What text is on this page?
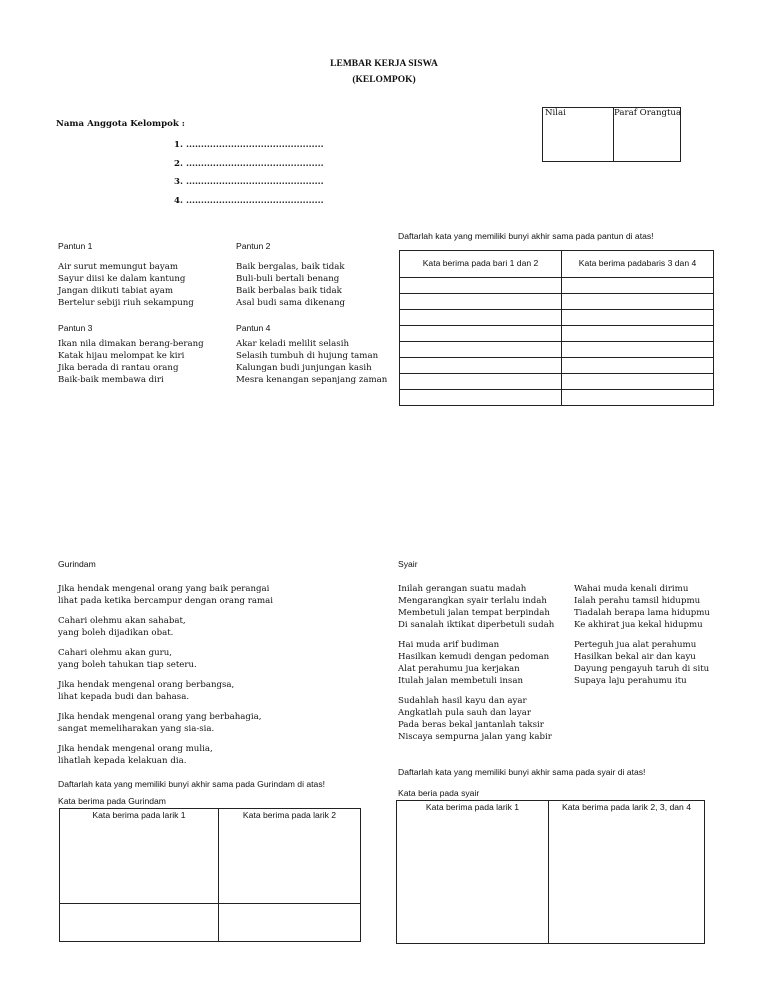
LEMBAR KERJA SISWA
(KELOMPOK)
Nama Anggota Kelompok :
1. ..............................................
2. ..............................................
3. ..............................................
4. ..............................................
Nilai	Paraf Orangtua
Pantun 1
Air surut memungut bayam
Sayur diisi ke dalam kantung
Jangan diikuti tabiat ayam
Bertelur sebiji riuh sekampung
Pantun 2
Baik bergalas, baik tidak
Buli-buli bertali benang
Baik berbalas baik tidak
Asal budi sama dikenang
Pantun 3
Ikan nila dimakan berang-berang
Katak hijau melompat ke kiri
Jika berada di rantau orang
Baik-baik membawa diri
Pantun 4
Akar keladi melilit selasih
Selasih tumbuh di hujung taman
Kalungan budi junjungan kasih
Mesra kenangan sepanjang zaman
Daftarlah kata yang memiliki bunyi akhir sama pada pantun di atas!
Kata berima pada bari 1 dan 2	Kata berima padabaris 3 dan 4

Gurindam
Jika hendak mengenal orang yang baik perangai
lihat pada ketika bercampur dengan orang ramai
Cahari olehmu akan sahabat,
yang boleh dijadikan obat.
Cahari olehmu akan guru,
yang boleh tahukan tiap seteru.
Jika hendak mengenal orang berbangsa,
lihat kepada budi dan bahasa.
Jika hendak mengenal orang yang berbahagia,
sangat memeliharakan yang sia-sia.
Jika hendak mengenal orang mulia,
lihatlah kepada kelakuan dia.
Daftarlah kata yang memiliki bunyi akhir sama pada Gurindam di atas!
Kata berima pada Gurindam
Kata berima pada larik 1	Kata berima pada larik 2

Syair
Inilah gerangan suatu madah
Mengarangkan syair terlalu indah
Membetuli jalan tempat berpindah
Di sanalah iktikat diperbetuli sudah
Hai muda arif budiman
Hasilkan kemudi dengan pedoman
Alat perahumu jua kerjakan
Itulah jalan membetuli insan
Sudahlah hasil kayu dan ayar
Angkatlah pula sauh dan layar
Pada beras bekal jantanlah taksir
Niscaya sempurna jalan yang kabir
Wahai muda kenali dirimu
Ialah perahu tamsil hidupmu
Tiadalah berapa lama hidupmu
Ke akhirat jua kekal hidupmu
Perteguh jua alat perahumu
Hasilkan bekal air dan kayu
Dayung pengayuh taruh di situ
Supaya laju perahumu itu
Daftarlah kata yang memiliki bunyi akhir sama pada syair di atas!
Kata beria pada syair
Kata berima pada larik 1	Kata berima pada larik 2, 3, dan 4
